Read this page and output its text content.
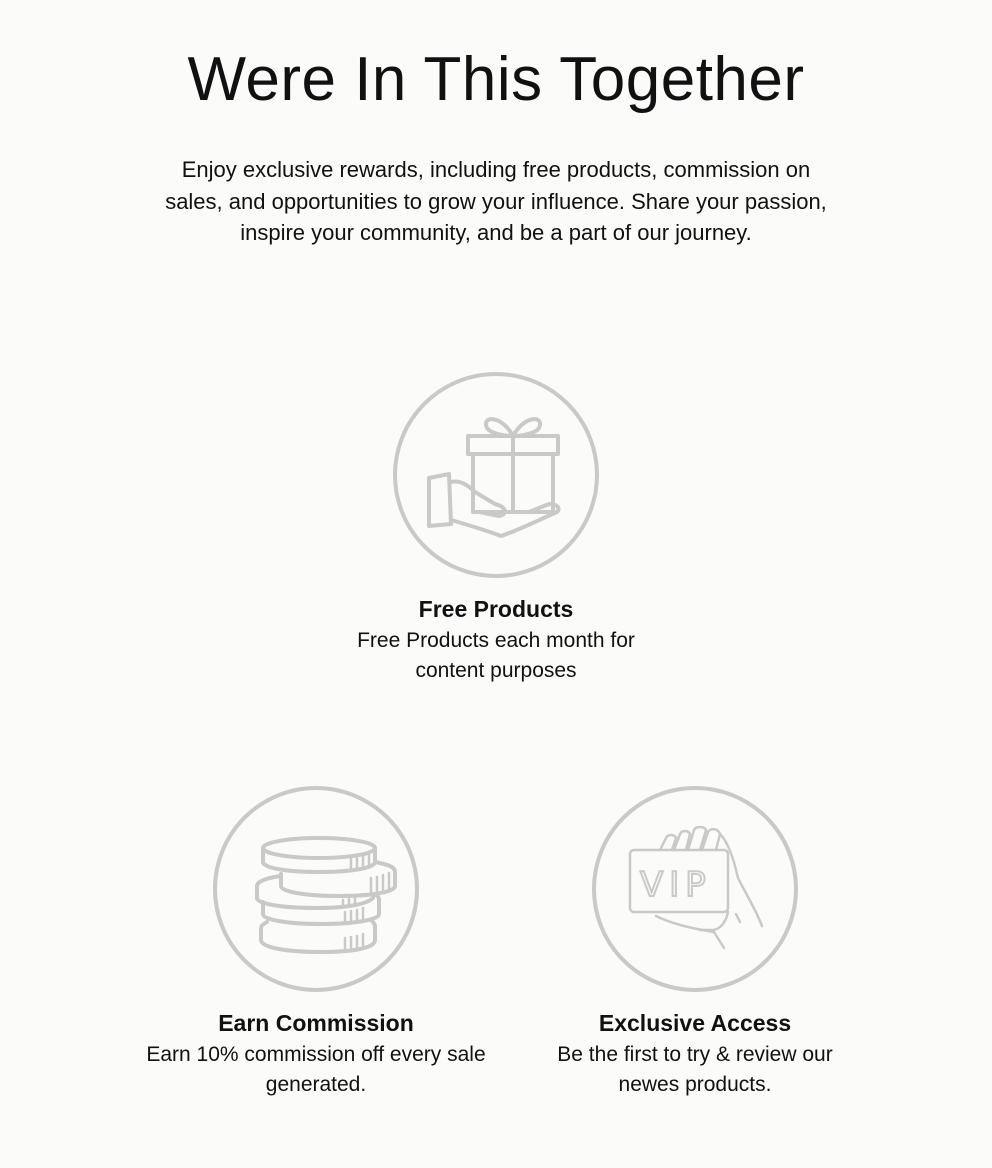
Were In This Together

Enjoy exclusive rewards, including free products, commission on sales, and opportunities to grow your influence. Share your passion, inspire your community, and be a part of our journey.

Free Products
Free Products each month for content purposes
Earn Commission
Earn 10% commission off every sale generated.
VIP
Exclusive Access
Be the first to try & review our newes products.
